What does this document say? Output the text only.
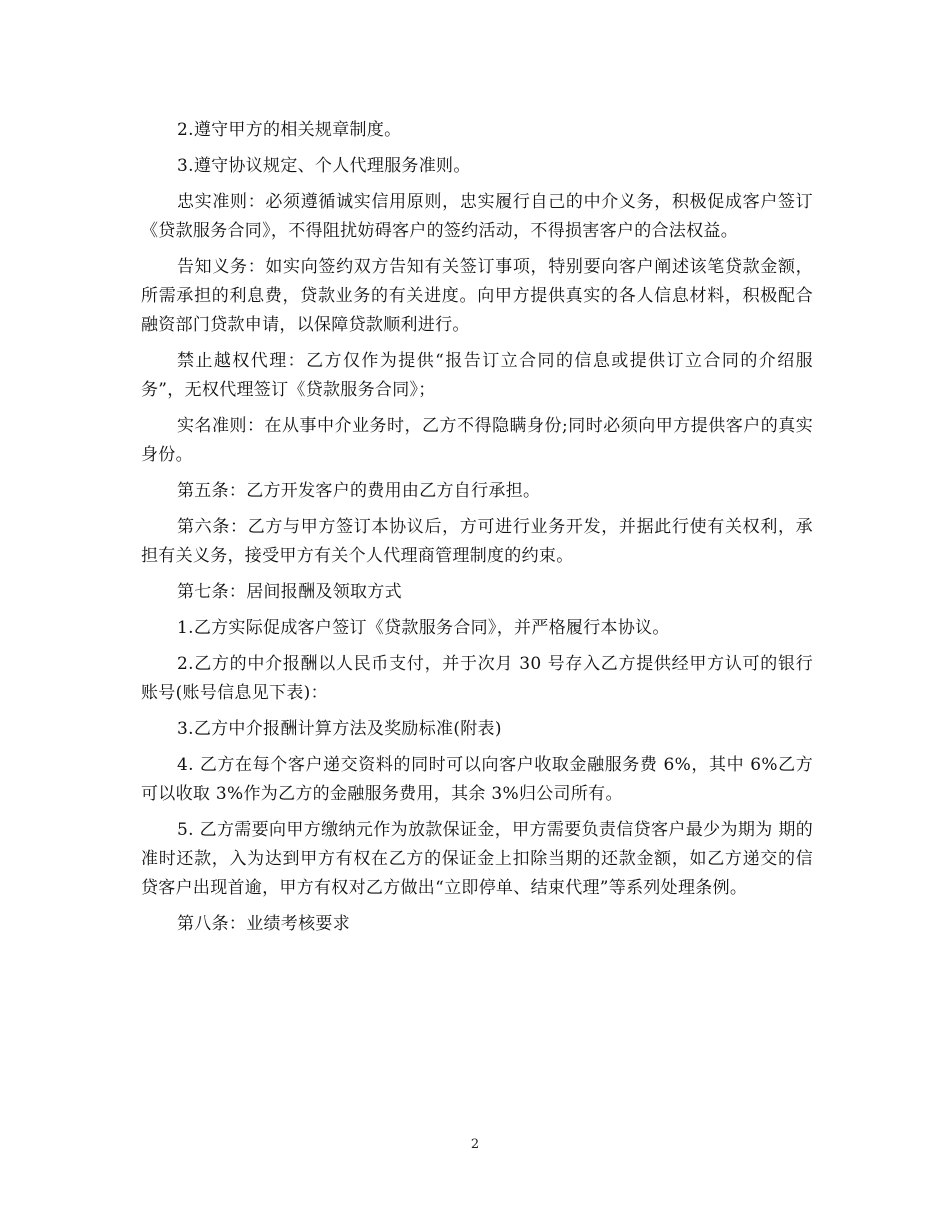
2.遵守甲方的相关规章制度。

3.遵守协议规定、个人代理服务准则。

忠实准则：必须遵循诚实信用原则，忠实履行自己的中介义务，积极促成客户签订《贷款服务合同》，不得阻扰妨碍客户的签约活动，不得损害客户的合法权益。

告知义务：如实向签约双方告知有关签订事项，特别要向客户阐述该笔贷款金额，所需承担的利息费，贷款业务的有关进度。向甲方提供真实的各人信息材料，积极配合融资部门贷款申请，以保障贷款顺利进行。

禁止越权代理：乙方仅作为提供“报告订立合同的信息或提供订立合同的介绍服务”，无权代理签订《贷款服务合同》；

实名准则：在从事中介业务时，乙方不得隐瞒身份;同时必须向甲方提供客户的真实身份。

第五条：乙方开发客户的费用由乙方自行承担。

第六条：乙方与甲方签订本协议后，方可进行业务开发，并据此行使有关权利，承担有关义务，接受甲方有关个人代理商管理制度的约束。

第七条：居间报酬及领取方式

1.乙方实际促成客户签订《贷款服务合同》，并严格履行本协议。

2.乙方的中介报酬以人民币支付，并于次月 30 号存入乙方提供经甲方认可的银行账号(账号信息见下表)：

3.乙方中介报酬计算方法及奖励标准(附表)

4. 乙方在每个客户递交资料的同时可以向客户收取金融服务费 6%，其中 6%乙方可以收取 3%作为乙方的金融服务费用，其余 3%归公司所有。

5. 乙方需要向甲方缴纳元作为放款保证金，甲方需要负责信贷客户最少为期为 期的准时还款，入为达到甲方有权在乙方的保证金上扣除当期的还款金额，如乙方递交的信贷客户出现首逾，甲方有权对乙方做出“立即停单、结束代理”等系列处理条例。

第八条：业绩考核要求

2
